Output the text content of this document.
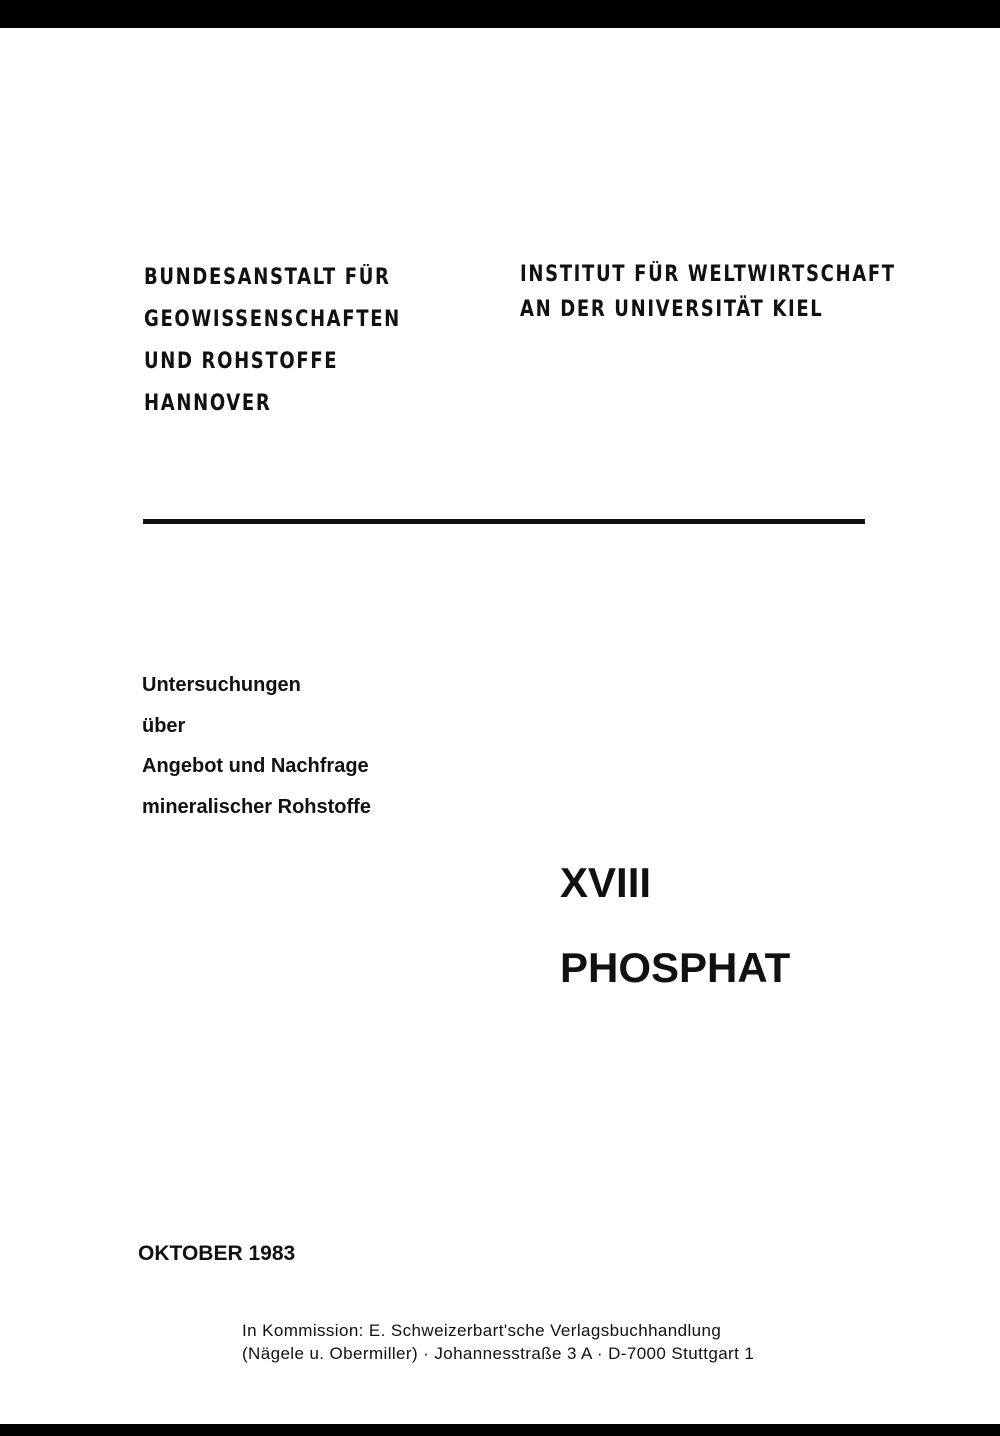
BUNDESANSTALT FÜR
GEOWISSENSCHAFTEN
UND ROHSTOFFE
HANNOVER
INSTITUT FÜR WELTWIRTSCHAFT
AN DER UNIVERSITÄT KIEL
Untersuchungen
über
Angebot und Nachfrage
mineralischer Rohstoffe
XVIII
PHOSPHAT
OKTOBER 1983
In Kommission: E. Schweizerbart'sche Verlagsbuchhandlung
(Nägele u. Obermiller) · Johannesstraße 3 A · D-7000 Stuttgart 1
